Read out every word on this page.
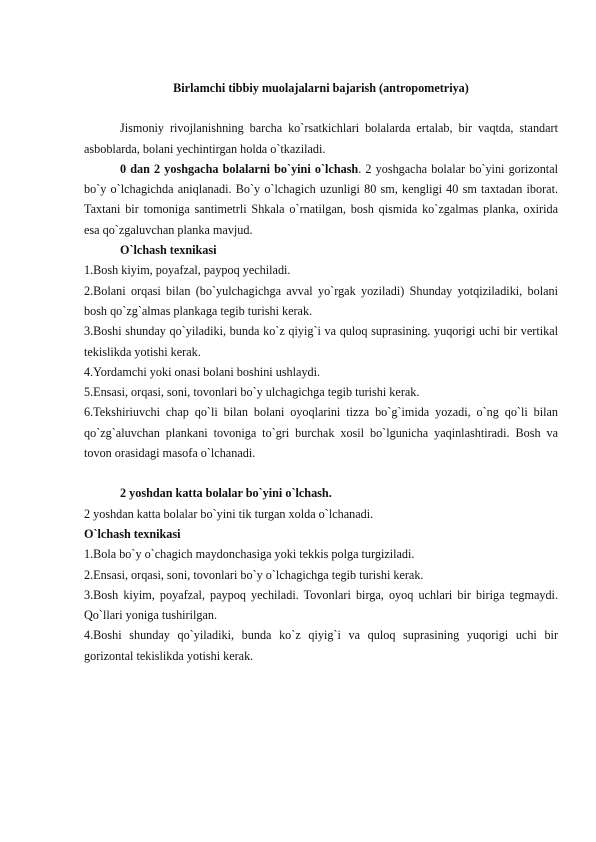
Birlamchi tibbiy muolajalarni bajarish (antropometriya)

Jismoniy rivojlanishning barcha ko`rsatkichlari bolalarda ertalab, bir vaqtda, standart asboblarda, bolani yechintirgan holda o`tkaziladi.

0 dan 2 yoshgacha bolalarni bo`yini o`lchash. 2 yoshgacha bolalar bo`yini gorizontal bo`y o`lchagichda aniqlanadi. Bo`y o`lchagich uzunligi 80 sm, kengligi 40 sm taxtadan iborat. Taxtani bir tomoniga santimetrli Shkala o`rnatilgan, bosh qismida ko`zgalmas planka, oxirida esa qo`zgaluvchan planka mavjud.

O`lchash texnikasi

1.Bosh kiyim, poyafzal, paypoq yechiladi.

2.Bolani orqasi bilan (bo`yulchagichga avval yo`rgak yoziladi) Shunday yotqiziladiki, bolani bosh qo`zg`almas plankaga tegib turishi kerak.

3.Boshi shunday qo`yiladiki, bunda ko`z qiyig`i va quloq suprasining. yuqorigi uchi bir vertikal tekislikda yotishi kerak.

4.Yordamchi yoki onasi bolani boshini ushlaydi.

5.Ensasi, orqasi, soni, tovonlari bo`y ulchagichga tegib turishi kerak.

6.Tekshiriuvchi chap qo`li bilan bolani oyoqlarini tizza bo`g`imida yozadi, o`ng qo`li bilan qo`zg`aluvchan plankani tovoniga to`gri burchak xosil bo`lgunicha yaqinlashtiradi. Bosh va tovon orasidagi masofa o`lchanadi.

2 yoshdan katta bolalar bo`yini o`lchash.

2 yoshdan katta bolalar bo`yini tik turgan xolda o`lchanadi.

O`lchash texnikasi

1.Bola bo`y o`chagich maydonchasiga yoki tekkis polga turgiziladi.

2.Ensasi, orqasi, soni, tovonlari bo`y o`lchagichga tegib turishi kerak.

3.Bosh kiyim, poyafzal, paypoq yechiladi. Tovonlari birga, oyoq uchlari bir biriga tegmaydi. Qo`llari yoniga tushirilgan.

4.Boshi shunday qo`yiladiki, bunda ko`z qiyig`i va quloq suprasining yuqorigi uchi bir gorizontal tekislikda yotishi kerak.
